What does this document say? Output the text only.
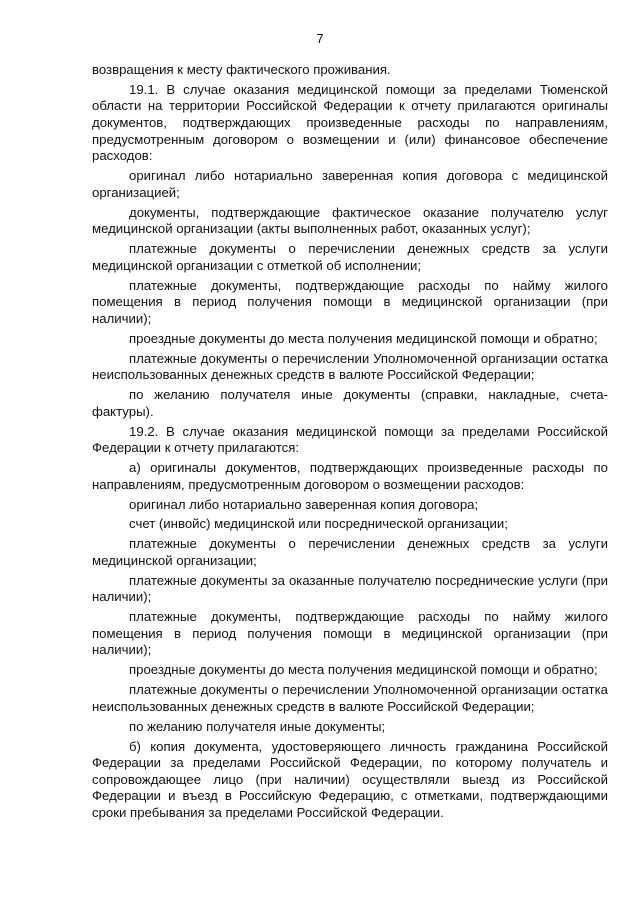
7

возвращения к месту фактического проживания.

19.1. В случае оказания медицинской помощи за пределами Тюменской области на территории Российской Федерации к отчету прилагаются оригиналы документов, подтверждающих произведенные расходы по направлениям, предусмотренным договором о возмещении и (или) финансовое обеспечение расходов:

оригинал либо нотариально заверенная копия договора с медицинской организацией;

документы, подтверждающие фактическое оказание получателю услуг медицинской организации (акты выполненных работ, оказанных услуг);

платежные документы о перечислении денежных средств за услуги медицинской организации с отметкой об исполнении;

платежные документы, подтверждающие расходы по найму жилого помещения в период получения помощи в медицинской организации (при наличии);

проездные документы до места получения медицинской помощи и обратно;

платежные документы о перечислении Уполномоченной организации остатка неиспользованных денежных средств в валюте Российской Федерации;

по желанию получателя иные документы (справки, накладные, счета-фактуры).

19.2. В случае оказания медицинской помощи за пределами Российской Федерации к отчету прилагаются:

а) оригиналы документов, подтверждающих произведенные расходы по направлениям, предусмотренным договором о возмещении расходов:

оригинал либо нотариально заверенная копия договора;

счет (инвойс) медицинской или посреднической организации;

платежные документы о перечислении денежных средств за услуги медицинской организации;

платежные документы за оказанные получателю посреднические услуги (при наличии);

платежные документы, подтверждающие расходы по найму жилого помещения в период получения помощи в медицинской организации (при наличии);

проездные документы до места получения медицинской помощи и обратно;

платежные документы о перечислении Уполномоченной организации остатка неиспользованных денежных средств в валюте Российской Федерации;

по желанию получателя иные документы;

б) копия документа, удостоверяющего личность гражданина Российской Федерации за пределами Российской Федерации, по которому получатель и сопровождающее лицо (при наличии) осуществляли выезд из Российской Федерации и въезд в Российскую Федерацию, с отметками, подтверждающими сроки пребывания за пределами Российской Федерации.
